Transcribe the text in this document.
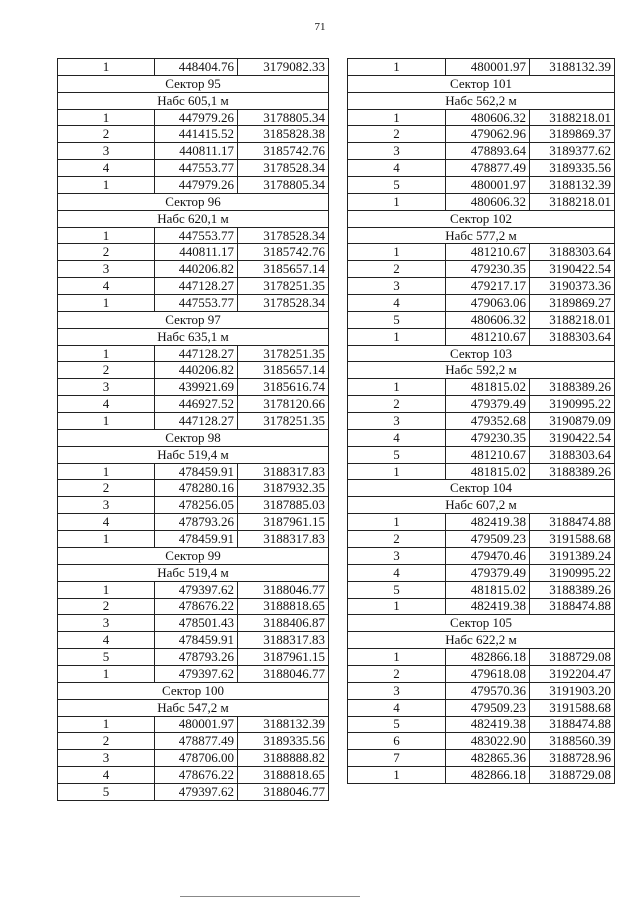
71
1	448404.76	3179082.33
Сектор 95		
Набс 605,1 м		
1	447979.26	3178805.34
2	441415.52	3185828.38
3	440811.17	3185742.76
4	447553.77	3178528.34
1	447979.26	3178805.34
Сектор 96		
Набс 620,1 м		
1	447553.77	3178528.34
2	440811.17	3185742.76
3	440206.82	3185657.14
4	447128.27	3178251.35
1	447553.77	3178528.34
Сектор 97		
Набс 635,1 м		
1	447128.27	3178251.35
2	440206.82	3185657.14
3	439921.69	3185616.74
4	446927.52	3178120.66
1	447128.27	3178251.35
Сектор 98		
Набс 519,4 м		
1	478459.91	3188317.83
2	478280.16	3187932.35
3	478256.05	3187885.03
4	478793.26	3187961.15
1	478459.91	3188317.83
Сектор 99		
Набс 519,4 м		
1	479397.62	3188046.77
2	478676.22	3188818.65
3	478501.43	3188406.87
4	478459.91	3188317.83
5	478793.26	3187961.15
1	479397.62	3188046.77
Сектор 100		
Набс 547,2 м		
1	480001.97	3188132.39
2	478877.49	3189335.56
3	478706.00	3188888.82
4	478676.22	3188818.65
5	479397.62	3188046.77
1	480001.97	3188132.39
Сектор 101		
Набс 562,2 м		
1	480606.32	3188218.01
2	479062.96	3189869.37
3	478893.64	3189377.62
4	478877.49	3189335.56
5	480001.97	3188132.39
1	480606.32	3188218.01
Сектор 102		
Набс 577,2 м		
1	481210.67	3188303.64
2	479230.35	3190422.54
3	479217.17	3190373.36
4	479063.06	3189869.27
5	480606.32	3188218.01
1	481210.67	3188303.64
Сектор 103		
Набс 592,2 м		
1	481815.02	3188389.26
2	479379.49	3190995.22
3	479352.68	3190879.09
4	479230.35	3190422.54
5	481210.67	3188303.64
1	481815.02	3188389.26
Сектор 104		
Набс 607,2 м		
1	482419.38	3188474.88
2	479509.23	3191588.68
3	479470.46	3191389.24
4	479379.49	3190995.22
5	481815.02	3188389.26
1	482419.38	3188474.88
Сектор 105		
Набс 622,2 м		
1	482866.18	3188729.08
2	479618.08	3192204.47
3	479570.36	3191903.20
4	479509.23	3191588.68
5	482419.38	3188474.88
6	483022.90	3188560.39
7	482865.36	3188728.96
1	482866.18	3188729.08
